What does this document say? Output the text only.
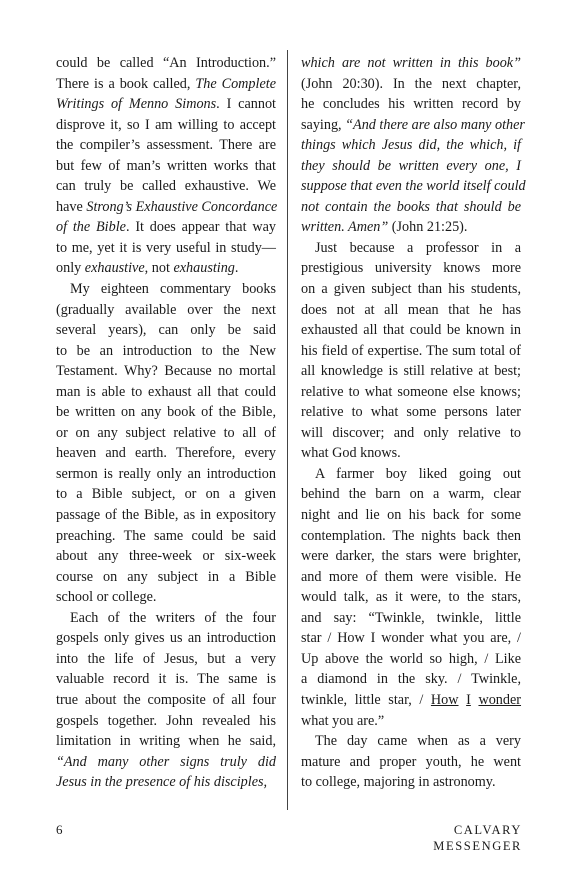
could be called “An Introduction.”
There is a book called, The Complete
Writings of Menno Simons. I cannot
disprove it, so I am willing to accept
the compiler’s assessment. There are
but few of man’s written works that
can truly be called exhaustive. We
have Strong’s Exhaustive Concordance
of the Bible. It does appear that way
to me, yet it is very useful in study—
only exhaustive, not exhausting.
My eighteen commentary books
(gradually available over the next
several years), can only be said
to be an introduction to the New
Testament. Why? Because no mortal
man is able to exhaust all that could
be written on any book of the Bible,
or on any subject relative to all of
heaven and earth. Therefore, every
sermon is really only an introduction
to a Bible subject, or on a given
passage of the Bible, as in expository
preaching. The same could be said
about any three-week or six-week
course on any subject in a Bible
school or college.
Each of the writers of the four
gospels only gives us an introduction
into the life of Jesus, but a very
valuable record it is. The same is
true about the composite of all four
gospels together. John revealed his
limitation in writing when he said,
“And many other signs truly did
Jesus in the presence of his disciples,
which are not written in this book”
(John 20:30). In the next chapter,
he concludes his written record by
saying, “And there are also many other
things which Jesus did, the which, if
they should be written every one, I
suppose that even the world itself could
not contain the books that should be
written. Amen” (John 21:25).
Just because a professor in a
prestigious university knows more
on a given subject than his students,
does not at all mean that he has
exhausted all that could be known in
his field of expertise. The sum total of
all knowledge is still relative at best;
relative to what someone else knows;
relative to what some persons later
will discover; and only relative to
what God knows.
A farmer boy liked going out
behind the barn on a warm, clear
night and lie on his back for some
contemplation. The nights back then
were darker, the stars were brighter,
and more of them were visible. He
would talk, as it were, to the stars,
and say: “Twinkle, twinkle, little
star / How I wonder what you are, /
Up above the world so high, / Like
a diamond in the sky. / Twinkle,
twinkle, little star, / How I wonder
what you are.”
The day came when as a very
mature and proper youth, he went
to college, majoring in astronomy.
6	CALVARY MESSENGER
